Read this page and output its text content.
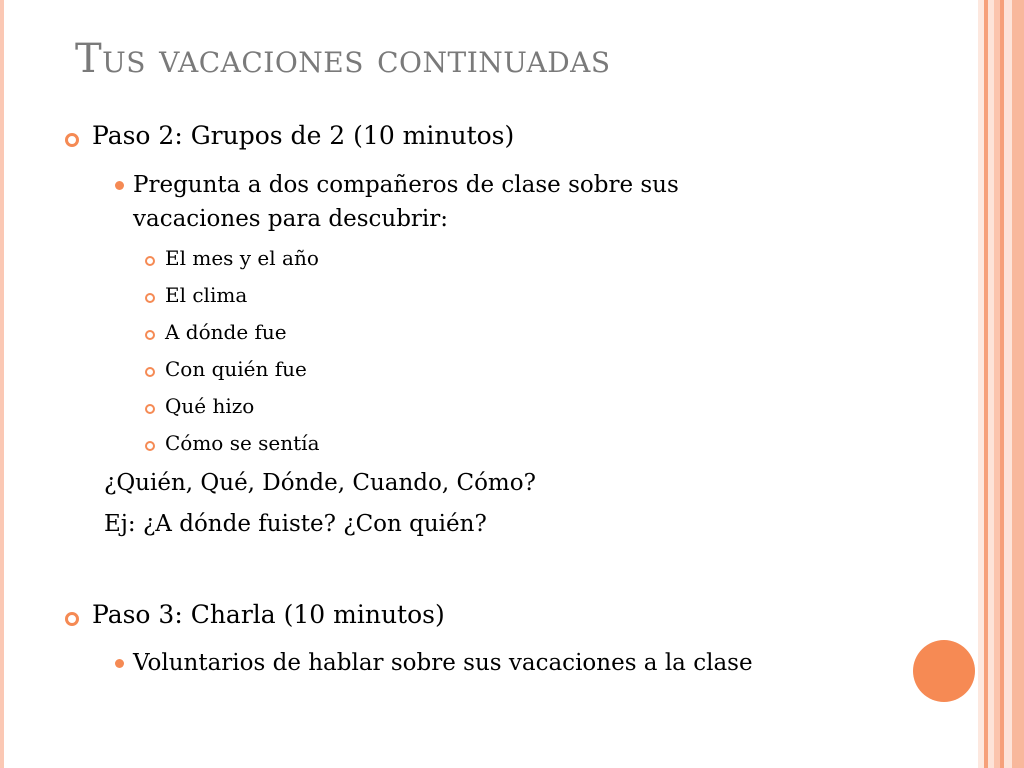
Tus vacaciones continuadas
Paso 2: Grupos de 2 (10 minutos)
Pregunta a dos compañeros de clase sobre sus
vacaciones para descubrir:
El mes y el año
El clima
A dónde fue
Con quién fue
Qué hizo
Cómo se sentía
¿Quién, Qué, Dónde, Cuando, Cómo?
Ej: ¿A dónde fuiste? ¿Con quién?
Paso 3: Charla (10 minutos)
Voluntarios de hablar sobre sus vacaciones a la clase
